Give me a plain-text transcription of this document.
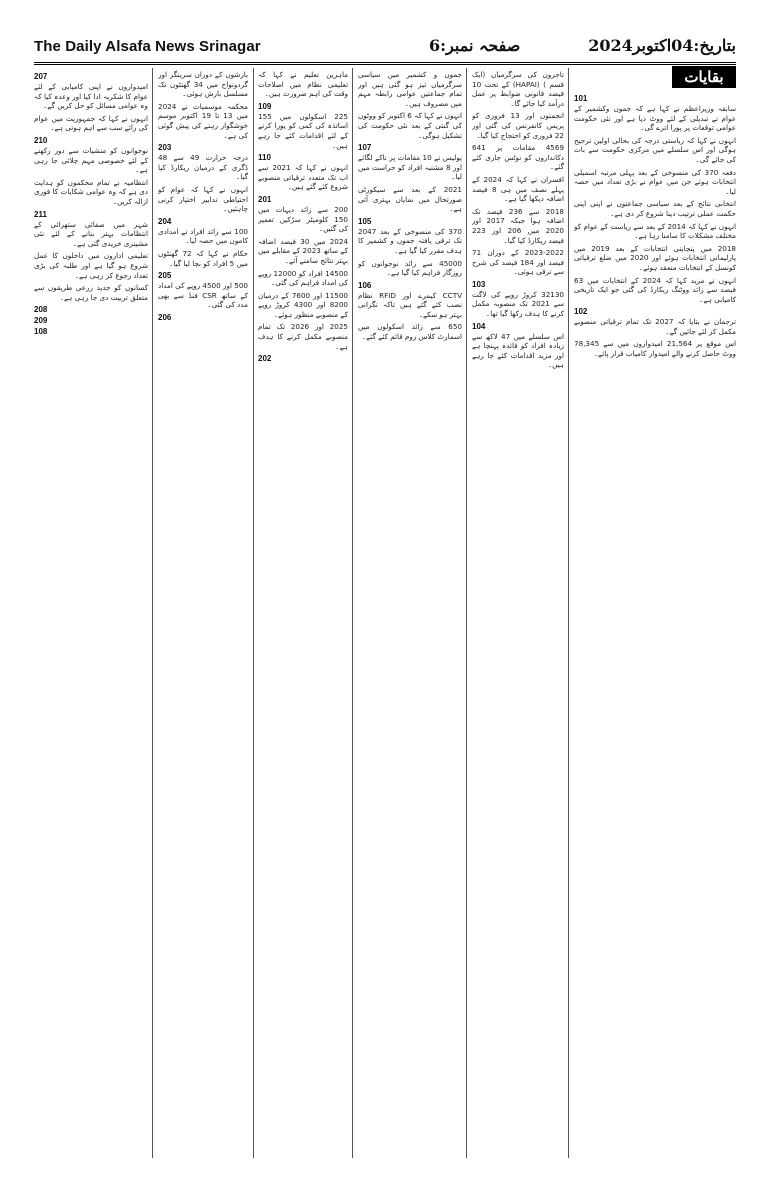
The Daily Alsafa News Srinagar	صفحہ نمبر:6	بتاریخ:04اکتوبر2024
بقایات
101

سابقہ وزیراعظم نے کہا ہے کہ جموں وکشمیر کے عوام نے تبدیلی کے لئے ووٹ دیا ہے اور نئی حکومت عوامی توقعات پر پورا اترے گی۔

انہوں نے کہا کہ ریاستی درجہ کی بحالی اولین ترجیح ہوگی اور اس سلسلے میں مرکزی حکومت سے بات کی جائے گی۔

دفعہ 370 کی منسوخی کے بعد پہلی مرتبہ اسمبلی انتخابات ہوئے جن میں عوام نے بڑی تعداد میں حصہ لیا۔

انتخابی نتائج کے بعد سیاسی جماعتوں نے اپنی اپنی حکمت عملی ترتیب دینا شروع کر دی ہے۔

انہوں نے کہا کہ 2014 کے بعد سے ریاست کے عوام کو مختلف مشکلات کا سامنا رہا ہے۔

2018 میں پنچایتی انتخابات کے بعد 2019 میں پارلیمانی انتخابات ہوئے اور 2020 میں ضلع ترقیاتی کونسل کے انتخابات منعقد ہوئے۔

انہوں نے مزید کہا کہ 2024 کے انتخابات میں 63 فیصد سے زائد ووٹنگ ریکارڈ کی گئی جو ایک تاریخی کامیابی ہے۔

102

ترجمان نے بتایا کہ 2027 تک تمام ترقیاتی منصوبے مکمل کر لئے جائیں گے۔

اس موقع پر 21,564 امیدواروں میں سے 78,345 ووٹ حاصل کرنے والے امیدوار کامیاب قرار پائے۔

تاجروں کی سرگرمیاں (ایک قسم ) (HAPAI) کے تحت 10 فیصد قانونی ضوابط پر عمل درآمد کیا جائے گا۔

انجمنوں اور 13 فروری کو پریس کانفرنس کی گئی اور 22 فروری کو احتجاج کیا گیا۔

4569 مقامات پر 641 دکانداروں کو نوٹس جاری کئے گئے۔

افسران نے کہا کہ 2024 کے پہلے نصف میں ہی 8 فیصد اضافہ دیکھا گیا ہے۔

2018 سے 236 فیصد تک اضافہ ہوا جبکہ 2017 اور 2020 میں 206 اور 223 فیصد ریکارڈ کیا گیا۔

2023-2022 کے دوران 71 فیصد اور 184 فیصد کی شرح سے ترقی ہوئی۔

103

32130 کروڑ روپے کی لاگت سے 2021 تک منصوبہ مکمل کرنے کا ہدف رکھا گیا تھا۔

104

اس سلسلے میں 47 لاکھ سے زیادہ افراد کو فائدہ پہنچا ہے اور مزید اقدامات کئے جا رہے ہیں۔

جموں و کشمیر میں سیاسی سرگرمیاں تیز ہو گئی ہیں اور تمام جماعتیں عوامی رابطہ مہم میں مصروف ہیں۔

انہوں نے کہا کہ 6 اکتوبر کو ووٹوں کی گنتی کے بعد نئی حکومت کی تشکیل ہوگی۔

107

پولیس نے 10 مقامات پر ناکے لگائے اور 8 مشتبہ افراد کو حراست میں لیا۔

2021 کے بعد سے سیکورٹی صورتحال میں نمایاں بہتری آئی ہے۔

105

370 کی منسوخی کے بعد 2047 تک ترقی یافتہ جموں و کشمیر کا ہدف مقرر کیا گیا ہے۔

45000 سے زائد نوجوانوں کو روزگار فراہم کیا گیا ہے۔

106

CCTV کیمرے اور RFID نظام نصب کئے گئے ہیں تاکہ نگرانی بہتر ہو سکے۔

650 سے زائد اسکولوں میں اسمارٹ کلاس روم قائم کئے گئے۔

ماہرین تعلیم نے کہا کہ تعلیمی نظام میں اصلاحات وقت کی اہم ضرورت ہیں۔

109

225 اسکولوں میں 155 اساتذہ کی کمی کو پورا کرنے کے لئے اقدامات کئے جا رہے ہیں۔

110

انہوں نے کہا کہ 2021 سے اب تک متعدد ترقیاتی منصوبے شروع کئے گئے ہیں۔

201

200 سے زائد دیہات میں 150 کلومیٹر سڑکیں تعمیر کی گئیں۔

2024 میں 30 فیصد اضافہ کے ساتھ 2023 کے مقابلے میں بہتر نتائج سامنے آئے۔

14500 افراد کو 12000 روپے کی امداد فراہم کی گئی۔

11500 اور 7600 کے درمیان 8200 اور 4300 کروڑ روپے کے منصوبے منظور ہوئے۔

2025 اور 2026 تک تمام منصوبے مکمل کرنے کا ہدف ہے۔

202

بارشوں کے دوران سرینگر اور گردونواح میں 34 گھنٹوں تک مسلسل بارش ہوئی۔

محکمہ موسمیات نے 2024 میں 13 تا 19 اکتوبر موسم خوشگوار رہنے کی پیش گوئی کی ہے۔

203

درجہ حرارت 49 سے 48 ڈگری کے درمیان ریکارڈ کیا گیا۔

انہوں نے کہا کہ عوام کو احتیاطی تدابیر اختیار کرنی چاہئیں۔

204

100 سے زائد افراد نے امدادی کاموں میں حصہ لیا۔

حکام نے کہا کہ 72 گھنٹوں میں 5 افراد کو بچا لیا گیا۔

205

500 اور 4500 روپے کی امداد کے ساتھ CSR فنڈ سے بھی مدد کی گئی۔

206
207

امیدواروں نے اپنی کامیابی کے لئے عوام کا شکریہ ادا کیا اور وعدہ کیا کہ وہ عوامی مسائل کو حل کریں گے۔

انہوں نے کہا کہ جمہوریت میں عوام کی رائے سب سے اہم ہوتی ہے۔

210

نوجوانوں کو منشیات سے دور رکھنے کے لئے خصوصی مہم چلائی جا رہی ہے۔

انتظامیہ نے تمام محکموں کو ہدایت دی ہے کہ وہ عوامی شکایات کا فوری ازالہ کریں۔

211

شہر میں صفائی ستھرائی کے انتظامات بہتر بنانے کے لئے نئی مشینری خریدی گئی ہے۔

تعلیمی اداروں میں داخلوں کا عمل شروع ہو گیا ہے اور طلبہ کی بڑی تعداد رجوع کر رہی ہے۔

کسانوں کو جدید زرعی طریقوں سے متعلق تربیت دی جا رہی ہے۔

208
209
108
